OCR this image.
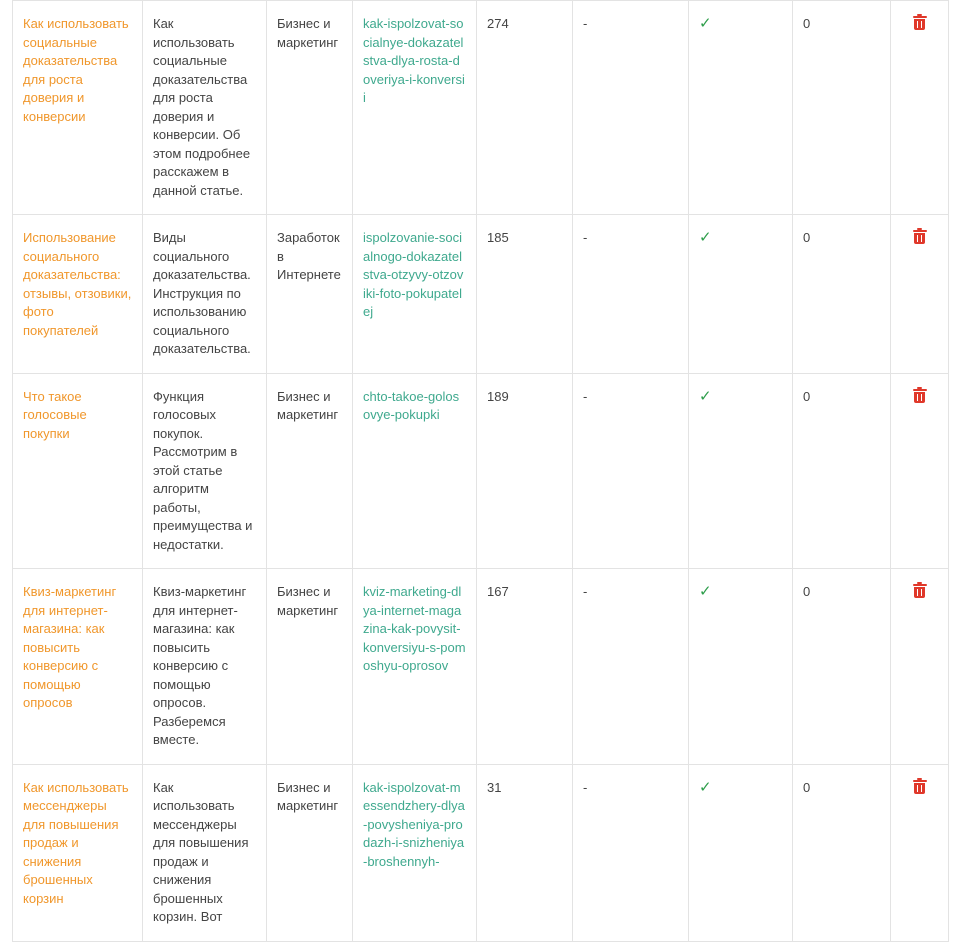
Как использовать социальные доказательства для роста доверия и конверсии	Как использовать социальные доказательства для роста доверия и конверсии. Об этом подробнее расскажем в данной статье.	Бизнес и маркетинг	kak-ispolzovat-socialnye-dokazatelstva-dlya-rosta-doveriya-i-konversii	274	-	✓	0	

Использование социального доказательства: отзывы, отзовики, фото покупателей	Виды социального доказательства. Инструкция по использованию социального доказательства.	Заработок в Интернете	ispolzovanie-socialnogo-dokazatelstva-otzyvy-otzoviki-foto-pokupatelej	185	-	✓	0	

Что такое голосовые покупки	Функция голосовых покупок. Рассмотрим в этой статье алгоритм работы, преимущества и недостатки.	Бизнес и маркетинг	chto-takoe-golosovye-pokupki	189	-	✓	0	

Квиз-маркетинг для интернет-магазина: как повысить конверсию с помощью опросов	Квиз-маркетинг для интернет-магазина: как повысить конверсию с помощью опросов. Разберемся вместе.	Бизнес и маркетинг	kviz-marketing-dlya-internet-magazina-kak-povysit-konversiyu-s-pomoshyu-oprosov	167	-	✓	0	

Как использовать мессенджеры для повышения продаж и снижения брошенных корзин	Как использовать мессенджеры для повышения продаж и снижения брошенных корзин. Вот	Бизнес и маркетинг	kak-ispolzovat-messendzhery-dlya-povysheniya-prodazh-i-snizheniya-broshennyh-	31	-	✓	0	
